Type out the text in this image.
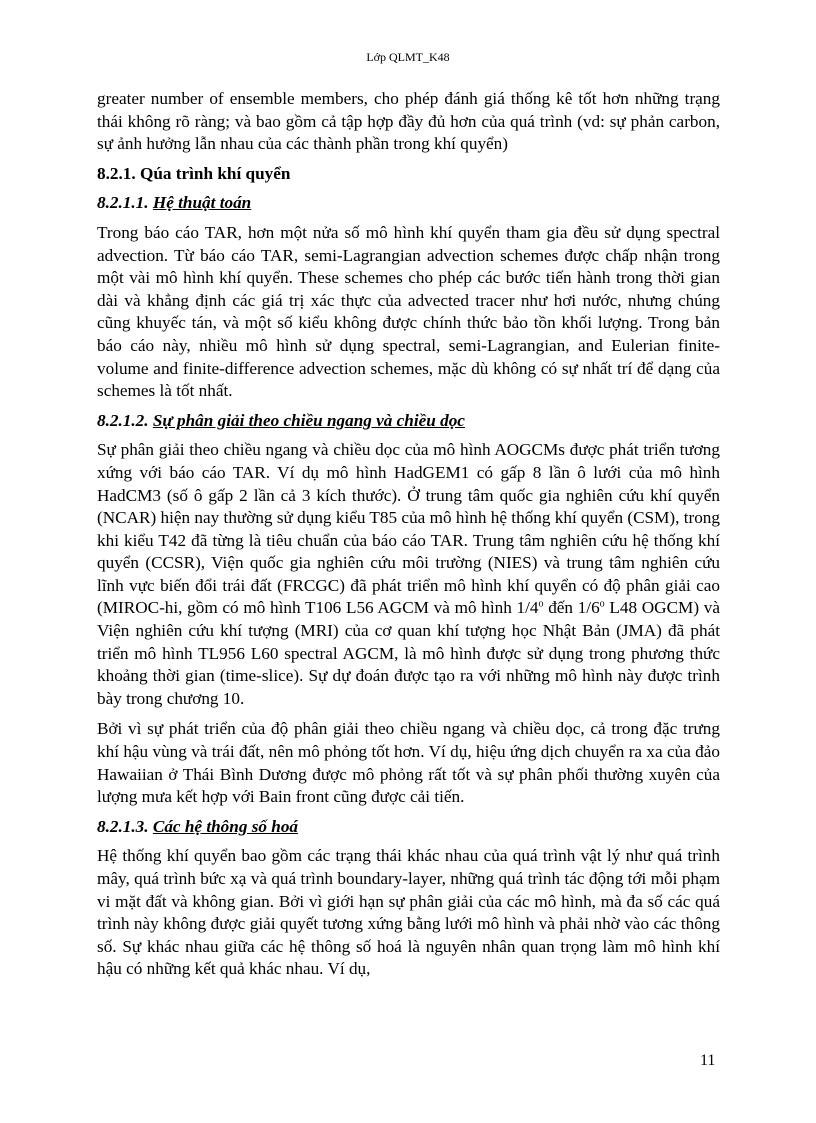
Lớp QLMT_K48

greater number of ensemble members, cho phép đánh giá thống kê tốt hơn những trạng thái không rõ ràng; và bao gồm cả tập hợp đầy đủ hơn của quá trình (vd: sự phản carbon, sự ảnh hưởng lẫn nhau của các thành phần trong khí quyển)

8.2.1. Qúa trình khí quyển
8.2.1.1. Hệ thuật toán

Trong báo cáo TAR, hơn một nửa số mô hình khí quyển tham gia đều sử dụng spectral advection. Từ báo cáo TAR, semi-Lagrangian advection schemes được chấp nhận trong một vài mô hình khí quyển. These schemes cho phép các bước tiến hành trong thời gian dài và khẳng định các giá trị xác thực của advected tracer như hơi nước, nhưng chúng cũng khuyếc tán, và một số kiểu không được chính thức bảo tồn khối lượng. Trong bản báo cáo này, nhiều mô hình sử dụng spectral, semi-Lagrangian, and Eulerian finite-volume and finite-difference advection schemes, mặc dù không có sự nhất trí để dạng của schemes là tốt nhất.

8.2.1.2. Sự phân giải theo chiều ngang và chiều dọc

Sự phân giải theo chiều ngang và chiều dọc của mô hình AOGCMs được phát triển tương xứng với báo cáo TAR. Ví dụ mô hình HadGEM1 có gấp 8 lần ô lưới của mô hình HadCM3 (số ô gấp 2 lần cả 3 kích thước). Ở trung tâm quốc gia nghiên cứu khí quyển (NCAR) hiện nay thường sử dụng kiểu T85 của mô hình hệ thống khí quyển (CSM), trong khi kiểu T42 đã từng là tiêu chuẩn của báo cáo TAR. Trung tâm nghiên cứu hệ thống khí quyển (CCSR), Viện quốc gia nghiên cứu môi trường (NIES) và trung tâm nghiên cứu lĩnh vực biến đổi trái đất (FRCGC) đã phát triển mô hình khí quyển có độ phân giải cao (MIROC-hi, gồm có mô hình T106 L56 AGCM và mô hình 1/4$^o$ đến 1/6$^o$ L48 OGCM) và Viện nghiên cứu khí tượng (MRI) của cơ quan khí tượng học Nhật Bản (JMA) đã phát triển mô hình TL956 L60 spectral AGCM, là mô hình được sử dụng trong phương thức khoảng thời gian (time-slice). Sự dự đoán được tạo ra với những mô hình này được trình bày trong chương 10.

Bởi vì sự phát triển của độ phân giải theo chiều ngang và chiều dọc, cả trong đặc trưng khí hậu vùng và trái đất, nên mô phỏng tốt hơn. Ví dụ, hiệu ứng dịch chuyển ra xa của đảo Hawaiian ở Thái Bình Dương được mô phỏng rất tốt và sự phân phối thường xuyên của lượng mưa kết hợp với Bain front cũng được cải tiến.

8.2.1.3. Các hệ thông số hoá

Hệ thống khí quyển bao gồm các trạng thái khác nhau của quá trình vật lý như quá trình mây, quá trình bức xạ và quá trình boundary-layer, những quá trình tác động tới mỗi phạm vi mặt đất và không gian. Bởi vì giới hạn sự phân giải của các mô hình, mà đa số các quá trình này không được giải quyết tương xứng bằng lưới mô hình và phải nhờ vào các thông số. Sự khác nhau giữa các hệ thông số hoá là nguyên nhân quan trọng làm mô hình khí hậu có những kết quả khác nhau. Ví dụ,

11
